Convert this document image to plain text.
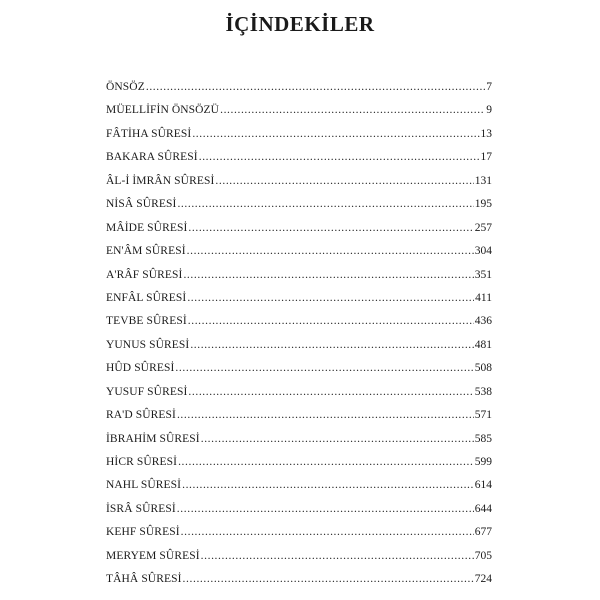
İÇİNDEKİLER
ÖNSÖZ .....	7
MÜELLİFİN ÖNSÖZÜ .....	9
FÂTİHA SÛRESİ .....	13
BAKARA SÛRESİ .....	17
ÂL-İ İMRÂN SÛRESİ .....	131
NİSÂ SÛRESİ .....	195
MÂİDE SÛRESİ .....	257
EN'ÂM SÛRESİ .....	304
A'RÂF SÛRESİ .....	351
ENFÂL SÛRESİ .....	411
TEVBE SÛRESİ .....	436
YUNUS SÛRESİ .....	481
HÛD SÛRESİ .....	508
YUSUF SÛRESİ .....	538
RA'D SÛRESİ .....	571
İBRAHİM SÛRESİ .....	585
HİCR SÛRESİ .....	599
NAHL SÛRESİ .....	614
İSRÂ SÛRESİ .....	644
KEHF SÛRESİ .....	677
MERYEM SÛRESİ .....	705
TÂHÂ SÛRESİ .....	724
